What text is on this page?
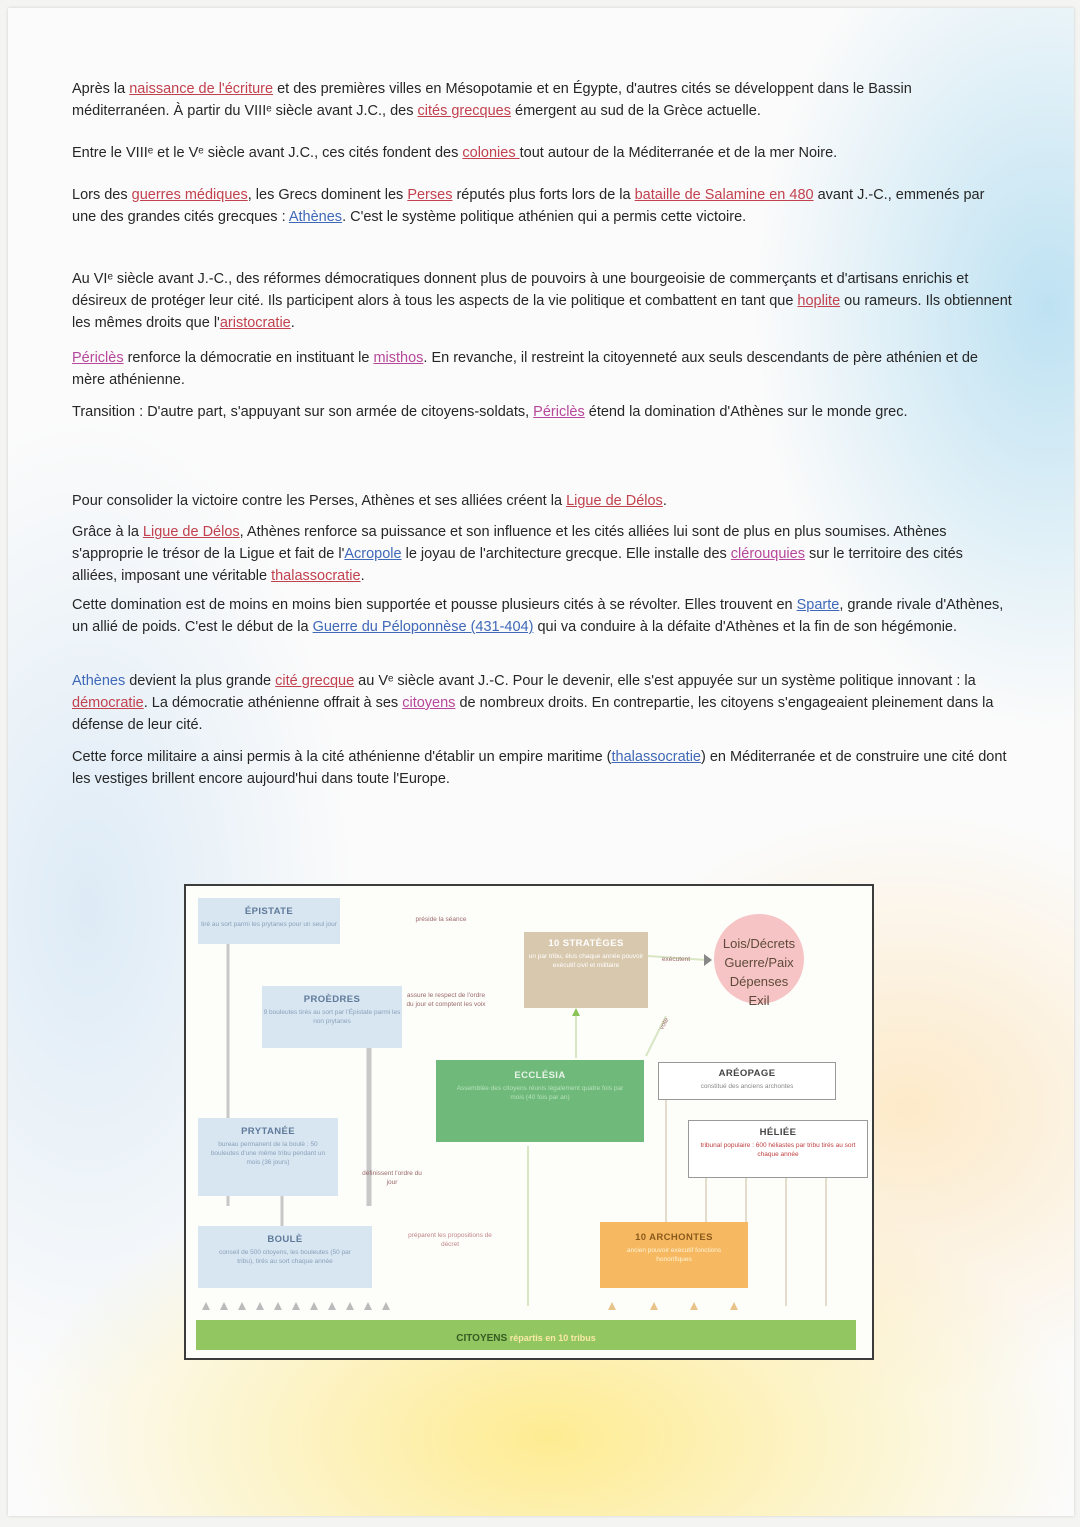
Après la naissance de l'écriture et des premières villes en Mésopotamie et en Égypte, d'autres cités se développent dans le Bassin méditerranéen. À partir du VIIIᵉ siècle avant J.C., des cités grecques émergent au sud de la Grèce actuelle.

Entre le VIIIᵉ et le Vᵉ siècle avant J.C., ces cités fondent des colonies tout autour de la Méditerranée et de la mer Noire.

Lors des guerres médiques, les Grecs dominent les Perses réputés plus forts lors de la bataille de Salamine en 480 avant J.-C., emmenés par une des grandes cités grecques : Athènes. C'est le système politique athénien qui a permis cette victoire.

Au VIᵉ siècle avant J.-C., des réformes démocratiques donnent plus de pouvoirs à une bourgeoisie de commerçants et d'artisans enrichis et désireux de protéger leur cité. Ils participent alors à tous les aspects de la vie politique et combattent en tant que hoplite ou rameurs. Ils obtiennent les mêmes droits que l'aristocratie.

Périclès renforce la démocratie en instituant le misthos. En revanche, il restreint la citoyenneté aux seuls descendants de père athénien et de mère athénienne.

Transition : D'autre part, s'appuyant sur son armée de citoyens-soldats, Périclès étend la domination d'Athènes sur le monde grec.

Pour consolider la victoire contre les Perses, Athènes et ses alliées créent la Ligue de Délos.

Grâce à la Ligue de Délos, Athènes renforce sa puissance et son influence et les cités alliées lui sont de plus en plus soumises. Athènes s'approprie le trésor de la Ligue et fait de l'Acropole le joyau de l'architecture grecque. Elle installe des clérouquies sur le territoire des cités alliées, imposant une véritable thalassocratie.

Cette domination est de moins en moins bien supportée et pousse plusieurs cités à se révolter. Elles trouvent en Sparte, grande rivale d'Athènes, un allié de poids. C'est le début de la Guerre du Péloponnèse (431-404) qui va conduire à la défaite d'Athènes et la fin de son hégémonie.

Athènes devient la plus grande cité grecque au Vᵉ siècle avant J.-C. Pour le devenir, elle s'est appuyée sur un système politique innovant : la démocratie. La démocratie athénienne offrait à ses citoyens de nombreux droits. En contrepartie, les citoyens s'engageaient pleinement dans la défense de leur cité.

Cette force militaire a ainsi permis à la cité athénienne d'établir un empire maritime (thalassocratie) en Méditerranée et de construire une cité dont les vestiges brillent encore aujourd'hui dans toute l'Europe.

ÉPISTATE
tiré au sort parmi les prytanes pour un seul jour
préside la séance
PROÈDRES
9 bouleutes tirés au sort par l'Épistate parmi les non prytanes
assure le respect de l'ordre du jour et comptent les voix
10 STRATÈGES
un par tribu, élus chaque année pouvoir exécutif civil et militaire
exécutent
Lois/Décrets
Guerre/Paix
Dépenses
Exil
vote
ECCLÉSIA
Assemblée des citoyens réunis légalement quatre fois par mois (40 fois par an)
ARÉOPAGE
constitué des anciens archontes
HÉLIÉE
tribunal populaire : 600 héliastes par tribu tirés au sort chaque année
PRYTANÉE
bureau permanent de la boulè : 50 bouleutes d'une même tribu pendant un mois (36 jours)
définissent l'ordre du jour
BOULÈ
conseil de 500 citoyens, les bouleutes (50 par tribu), tirés au sort chaque année
préparent les propositions de décret
10 ARCHONTES
ancien pouvoir exécutif fonctions honorifiques
CITOYENS répartis en 10 tribus
